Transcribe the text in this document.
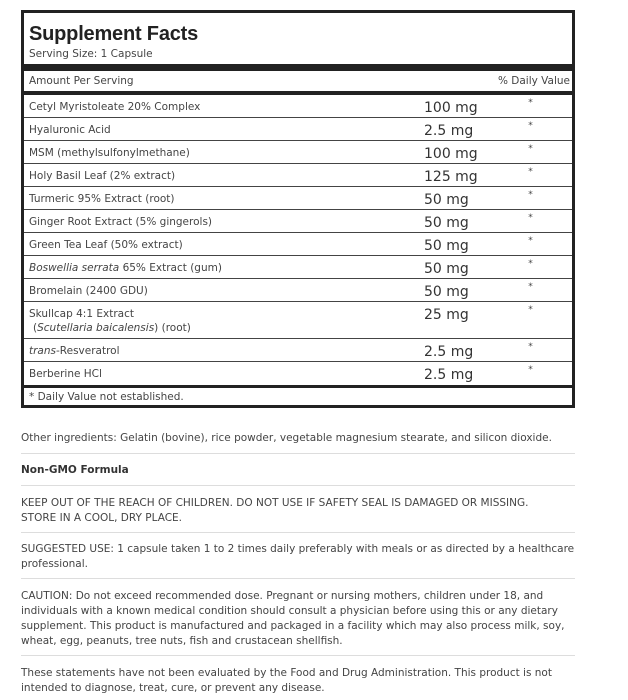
Supplement Facts
Serving Size: 1 Capsule
Amount Per Serving	% Daily Value
Cetyl Myristoleate 20% Complex	100 mg	*
Hyaluronic Acid	2.5 mg	*
MSM (methylsulfonylmethane)	100 mg	*
Holy Basil Leaf (2% extract)	125 mg	*
Turmeric 95% Extract (root)	50 mg	*
Ginger Root Extract (5% gingerols)	50 mg	*
Green Tea Leaf (50% extract)	50 mg	*
Boswellia serrata 65% Extract (gum)	50 mg	*
Bromelain (2400 GDU)	50 mg	*
Skullcap 4:1 Extract
(Scutellaria baicalensis) (root)
25 mg	*
trans-Resveratrol	2.5 mg	*
Berberine HCl	2.5 mg	*
* Daily Value not established.
Other ingredients: Gelatin (bovine), rice powder, vegetable magnesium stearate, and silicon dioxide.
Non-GMO Formula
KEEP OUT OF THE REACH OF CHILDREN. DO NOT USE IF SAFETY SEAL IS DAMAGED OR MISSING.
STORE IN A COOL, DRY PLACE.
SUGGESTED USE: 1 capsule taken 1 to 2 times daily preferably with meals or as directed by a healthcare professional.
CAUTION: Do not exceed recommended dose. Pregnant or nursing mothers, children under 18, and individuals with a known medical condition should consult a physician before using this or any dietary supplement. This product is manufactured and packaged in a facility which may also process milk, soy, wheat, egg, peanuts, tree nuts, fish and crustacean shellfish.
These statements have not been evaluated by the Food and Drug Administration. This product is not intended to diagnose, treat, cure, or prevent any disease.
